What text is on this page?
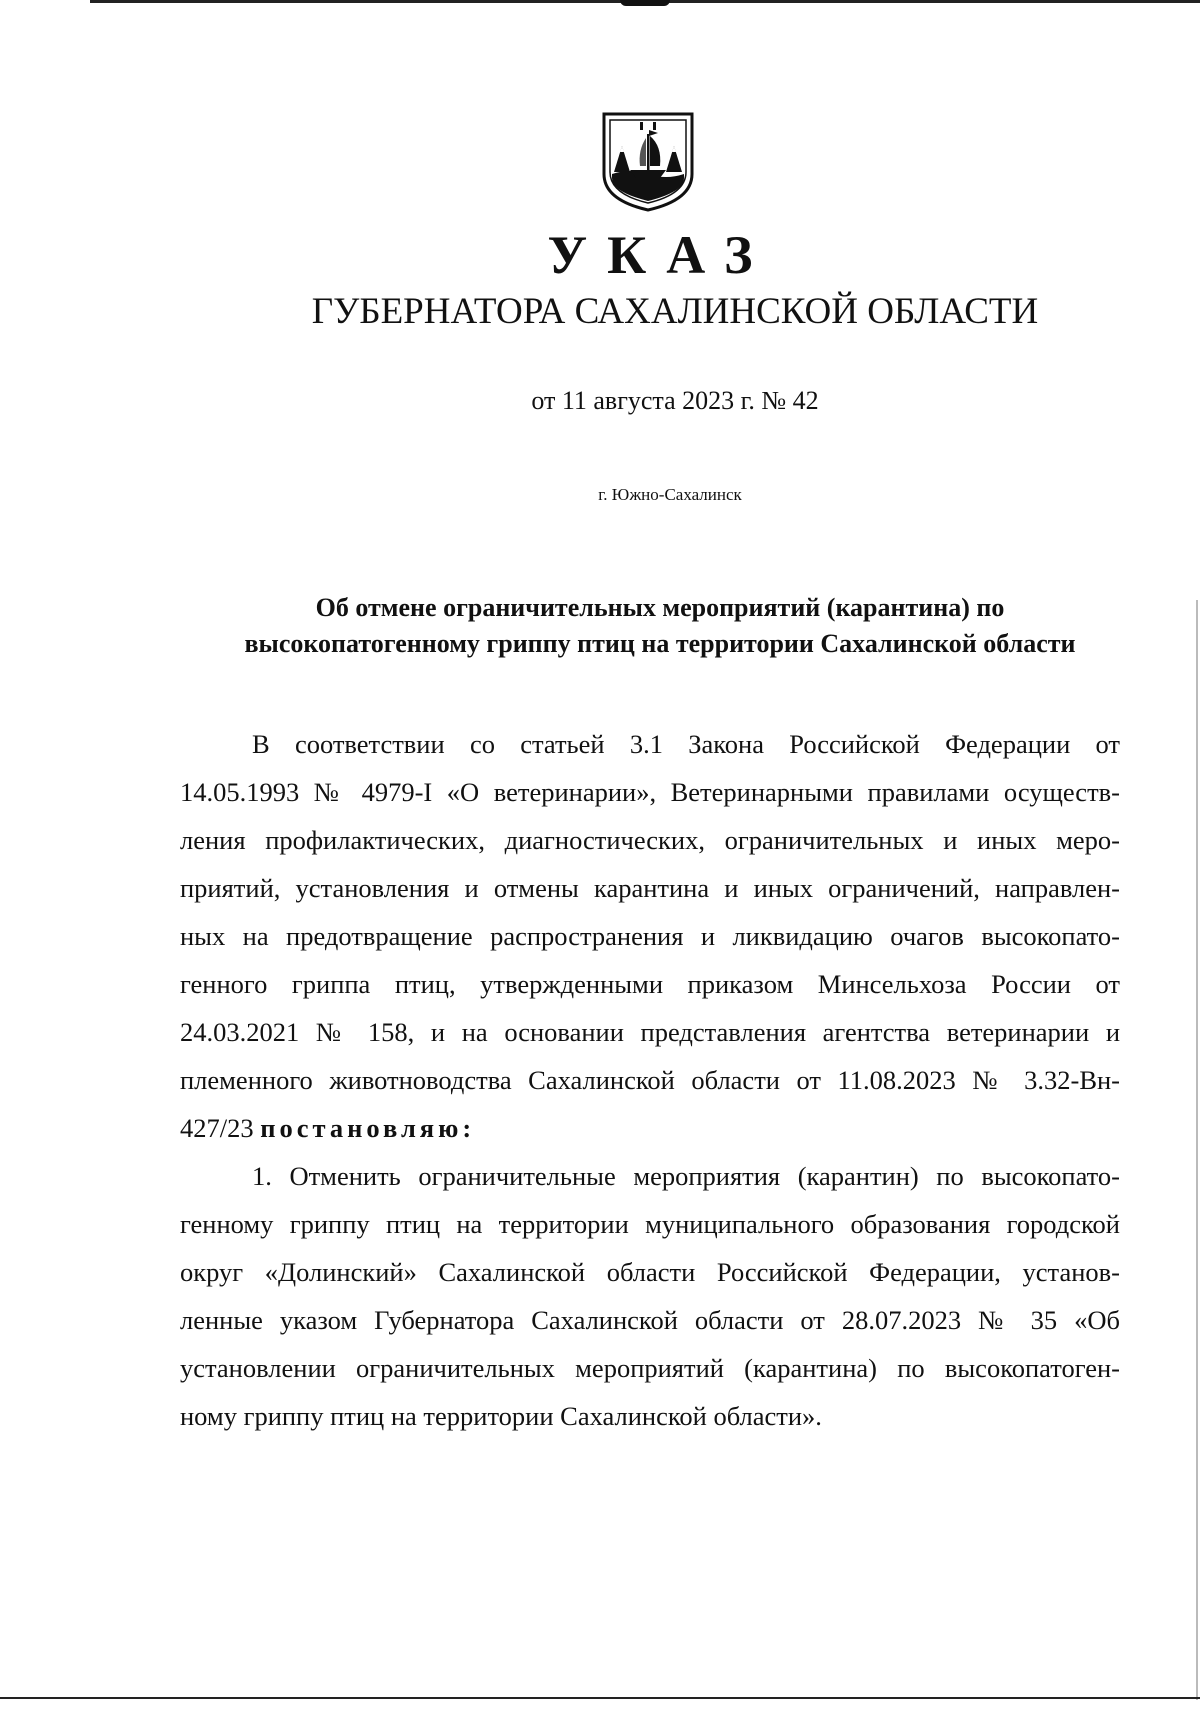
УКАЗ
ГУБЕРНАТОРА САХАЛИНСКОЙ ОБЛАСТИ
от 11 августа 2023 г. № 42
г. Южно-Сахалинск
Об отмене ограничительных мероприятий (карантина) по
высокопатогенному гриппу птиц на территории Сахалинской области
В соответствии со статьей 3.1 Закона Российской Федерации от
14.05.1993 № 4979-I «О ветеринарии», Ветеринарными правилами осуществ-
ления профилактических, диагностических, ограничительных и иных меро-
приятий, установления и отмены карантина и иных ограничений, направлен-
ных на предотвращение распространения и ликвидацию очагов высокопато-
генного гриппа птиц, утвержденными приказом Минсельхоза России от
24.03.2021 № 158, и на основании представления агентства ветеринарии и
племенного животноводства Сахалинской области от 11.08.2023 № 3.32-Вн-
427/23 постановляю:
1. Отменить ограничительные мероприятия (карантин) по высокопато-
генному гриппу птиц на территории муниципального образования городской
округ «Долинский» Сахалинской области Российской Федерации, установ-
ленные указом Губернатора Сахалинской области от 28.07.2023 № 35 «Об
установлении ограничительных мероприятий (карантина) по высокопатоген-
ному гриппу птиц на территории Сахалинской области».
